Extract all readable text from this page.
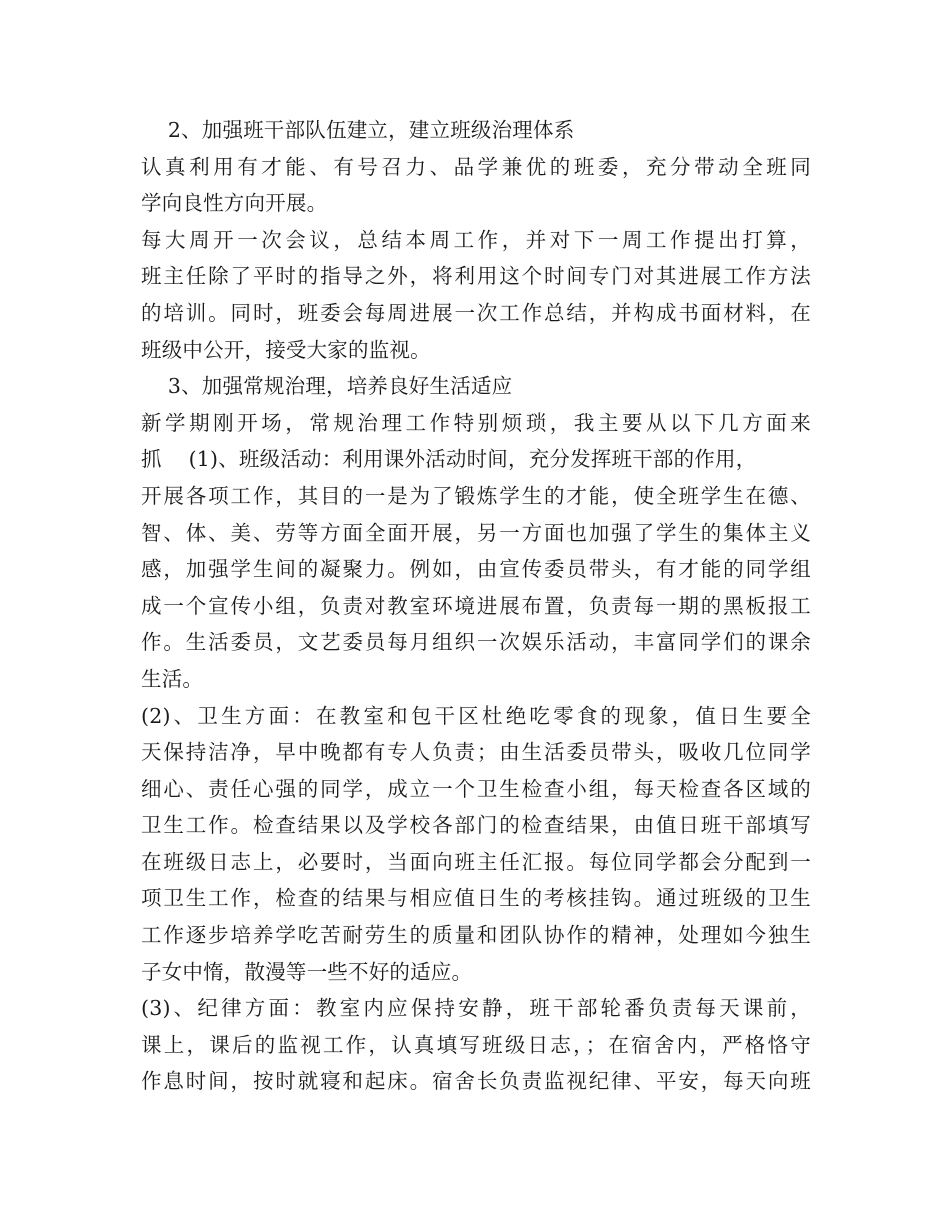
2、加强班干部队伍建立，建立班级治理体系
认真利用有才能、有号召力、品学兼优的班委，充分带动全班同
学向良性方向开展。
每大周开一次会议，总结本周工作，并对下一周工作提出打算，
班主任除了平时的指导之外，将利用这个时间专门对其进展工作方法
的培训。同时，班委会每周进展一次工作总结，并构成书面材料，在
班级中公开，接受大家的监视。
3、加强常规治理，培养良好生活适应
新学期刚开场，常规治理工作特别烦琐，我主要从以下几方面来
抓    (1)、班级活动：利用课外活动时间，充分发挥班干部的作用，
开展各项工作，其目的一是为了锻炼学生的才能，使全班学生在德、
智、体、美、劳等方面全面开展，另一方面也加强了学生的集体主义
感，加强学生间的凝聚力。例如，由宣传委员带头，有才能的同学组
成一个宣传小组，负责对教室环境进展布置，负责每一期的黑板报工
作。生活委员，文艺委员每月组织一次娱乐活动，丰富同学们的课余
生活。
(2)、卫生方面：在教室和包干区杜绝吃零食的现象，值日生要全
天保持洁净，早中晚都有专人负责；由生活委员带头，吸收几位同学
细心、责任心强的同学，成立一个卫生检查小组，每天检查各区域的
卫生工作。检查结果以及学校各部门的检查结果，由值日班干部填写
在班级日志上，必要时，当面向班主任汇报。每位同学都会分配到一
项卫生工作，检查的结果与相应值日生的考核挂钩。通过班级的卫生
工作逐步培养学吃苦耐劳生的质量和团队协作的精神，处理如今独生
子女中惰，散漫等一些不好的适应。
(3)、纪律方面：教室内应保持安静，班干部轮番负责每天课前，
课上，课后的监视工作，认真填写班级日志，；在宿舍内，严格恪守
作息时间，按时就寝和起床。宿舍长负责监视纪律、平安，每天向班
